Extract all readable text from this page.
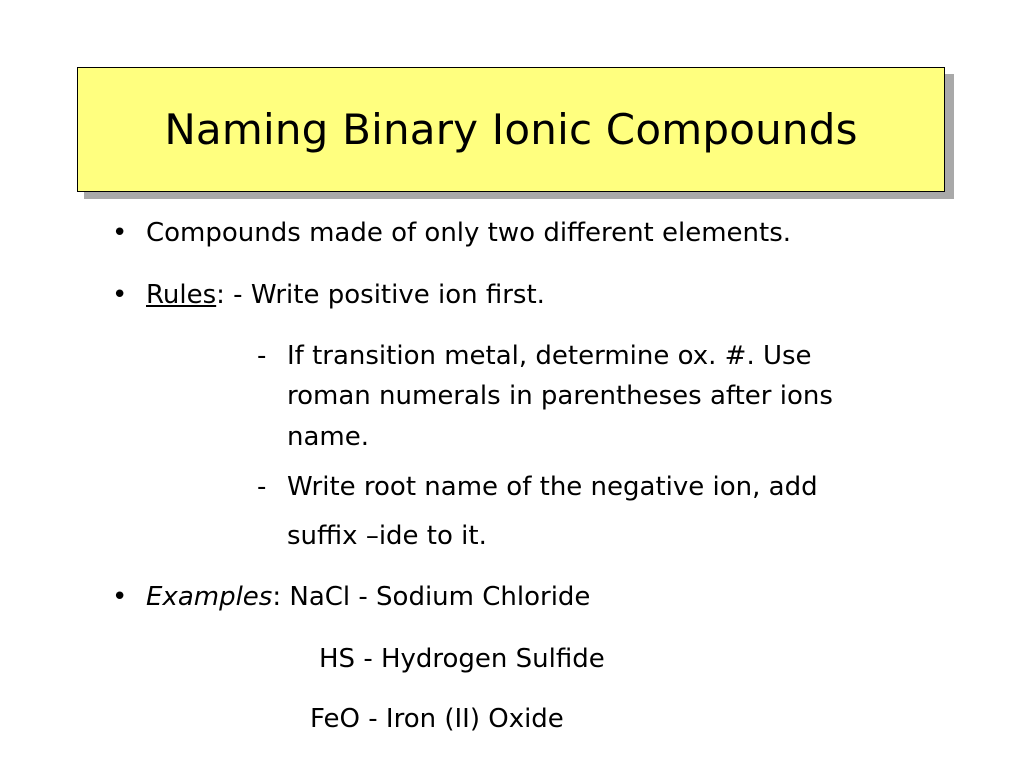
Naming Binary Ionic Compounds
• Compounds made of only two different elements.
• Rules: - Write positive ion first.
- If transition metal, determine ox. #. Use
roman numerals in parentheses after ions
name.
- Write root name of the negative ion, add
suffix –ide to it.
• Examples: NaCl - Sodium Chloride
HS - Hydrogen Sulfide
FeO - Iron (II) Oxide
